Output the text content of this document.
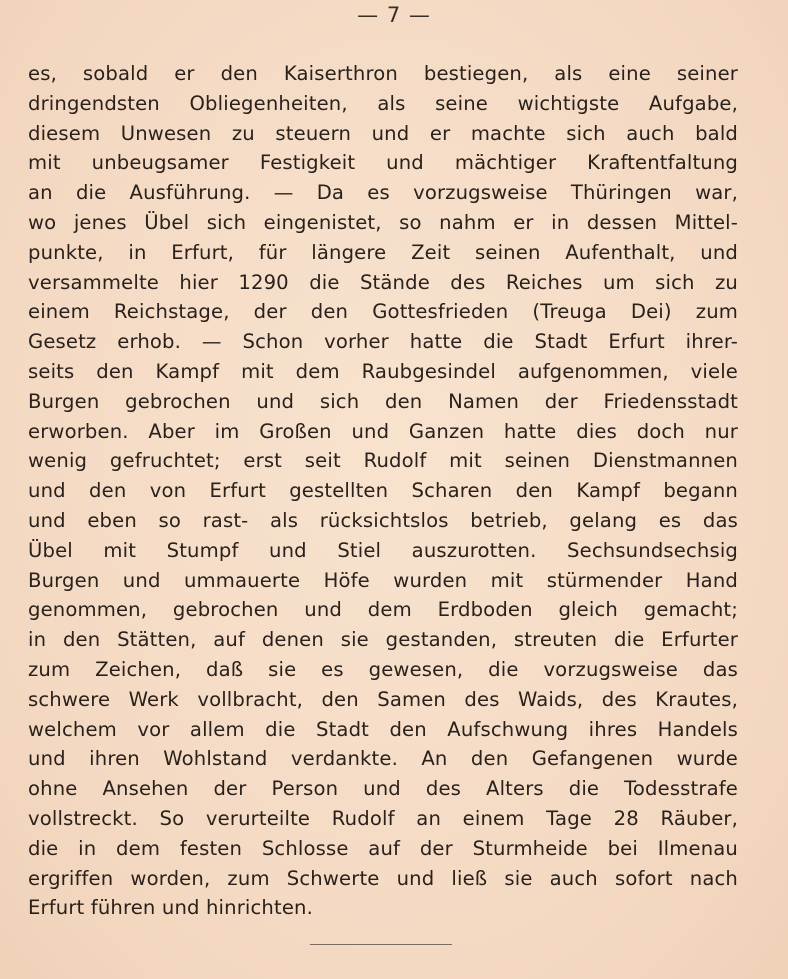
— 7 —
es, sobald er den Kaiserthron bestiegen, als eine seiner
dringendsten Obliegenheiten, als seine wichtigste Aufgabe,
diesem Unwesen zu steuern und er machte sich auch bald
mit unbeugsamer Festigkeit und mächtiger Kraftentfaltung
an die Ausführung. — Da es vorzugsweise Thüringen war,
wo jenes Übel sich eingenistet, so nahm er in dessen Mittel-
punkte, in Erfurt, für längere Zeit seinen Aufenthalt, und
versammelte hier 1290 die Stände des Reiches um sich zu
einem Reichstage, der den Gottesfrieden (Treuga Dei) zum
Gesetz erhob. — Schon vorher hatte die Stadt Erfurt ihrer-
seits den Kampf mit dem Raubgesindel aufgenommen, viele
Burgen gebrochen und sich den Namen der Friedensstadt
erworben. Aber im Großen und Ganzen hatte dies doch nur
wenig gefruchtet; erst seit Rudolf mit seinen Dienstmannen
und den von Erfurt gestellten Scharen den Kampf begann
und eben so rast- als rücksichtslos betrieb, gelang es das
Übel mit Stumpf und Stiel auszurotten. Sechsundsechsig
Burgen und ummauerte Höfe wurden mit stürmender Hand
genommen, gebrochen und dem Erdboden gleich gemacht;
in den Stätten, auf denen sie gestanden, streuten die Erfurter
zum Zeichen, daß sie es gewesen, die vorzugsweise das
schwere Werk vollbracht, den Samen des Waids, des Krautes,
welchem vor allem die Stadt den Aufschwung ihres Handels
und ihren Wohlstand verdankte. An den Gefangenen wurde
ohne Ansehen der Person und des Alters die Todesstrafe
vollstreckt. So verurteilte Rudolf an einem Tage 28 Räuber,
die in dem festen Schlosse auf der Sturmheide bei Ilmenau
ergriffen worden, zum Schwerte und ließ sie auch sofort nach
Erfurt führen und hinrichten.
